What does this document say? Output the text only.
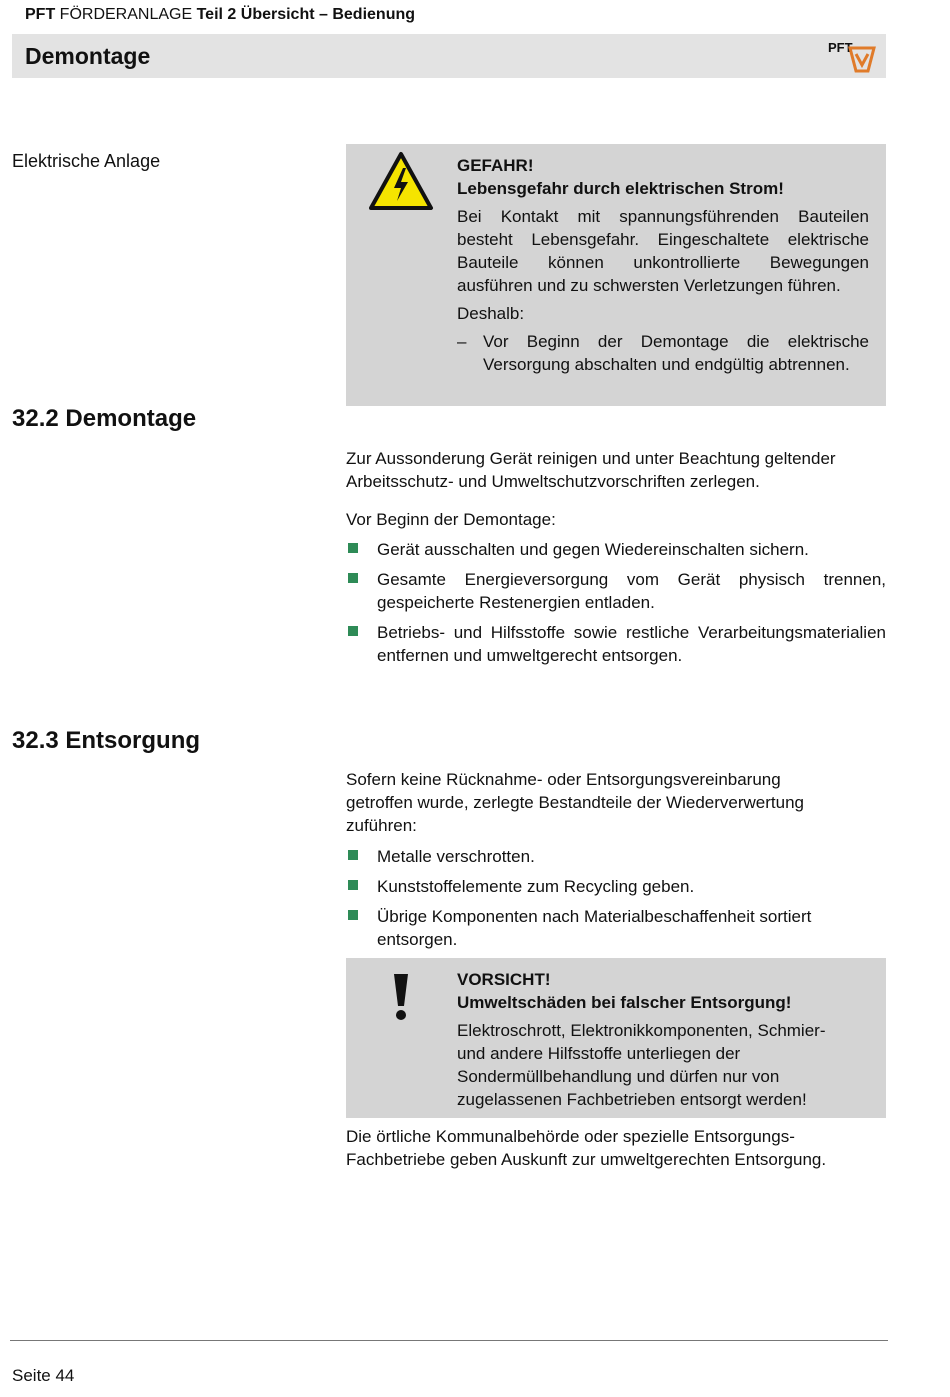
PFT FÖRDERANLAGE Teil 2 Übersicht – Bedienung
Demontage	PFT
Elektrische Anlage	GEFAHR!

Lebensgefahr durch elektrischen Strom!

Bei Kontakt mit spannungsführenden Bauteilen besteht Lebensgefahr. Eingeschaltete elektrische Bauteile können unkontrollierte Bewegungen ausführen und zu schwersten Verletzungen führen.

Deshalb:

– Vor Beginn der Demontage die elektrische Versorgung abschalten und endgültig abtrennen.
32.2 Demontage
Zur Aussonderung Gerät reinigen und unter Beachtung geltender Arbeitsschutz- und Umweltschutzvorschriften zerlegen.
Vor Beginn der Demontage:
Gerät ausschalten und gegen Wiedereinschalten sichern.
Gesamte Energieversorgung vom Gerät physisch trennen, gespeicherte Restenergien entladen.
Betriebs- und Hilfsstoffe sowie restliche Verarbeitungsmaterialien entfernen und umweltgerecht entsorgen.
32.3 Entsorgung
Sofern keine Rücknahme- oder Entsorgungsvereinbarung getroffen wurde, zerlegte Bestandteile der Wiederverwertung zuführen:
Metalle verschrotten.
Kunststoffelemente zum Recycling geben.
Übrige Komponenten nach Materialbeschaffenheit sortiert entsorgen.

VORSICHT!

Umweltschäden bei falscher Entsorgung!

Elektroschrott, Elektronikkomponenten, Schmier- und andere Hilfsstoffe unterliegen der Sondermüllbehandlung und dürfen nur von zugelassenen Fachbetrieben entsorgt werden!

Die örtliche Kommunalbehörde oder spezielle Entsorgungs-Fachbetriebe geben Auskunft zur umweltgerechten Entsorgung.
Seite 44
